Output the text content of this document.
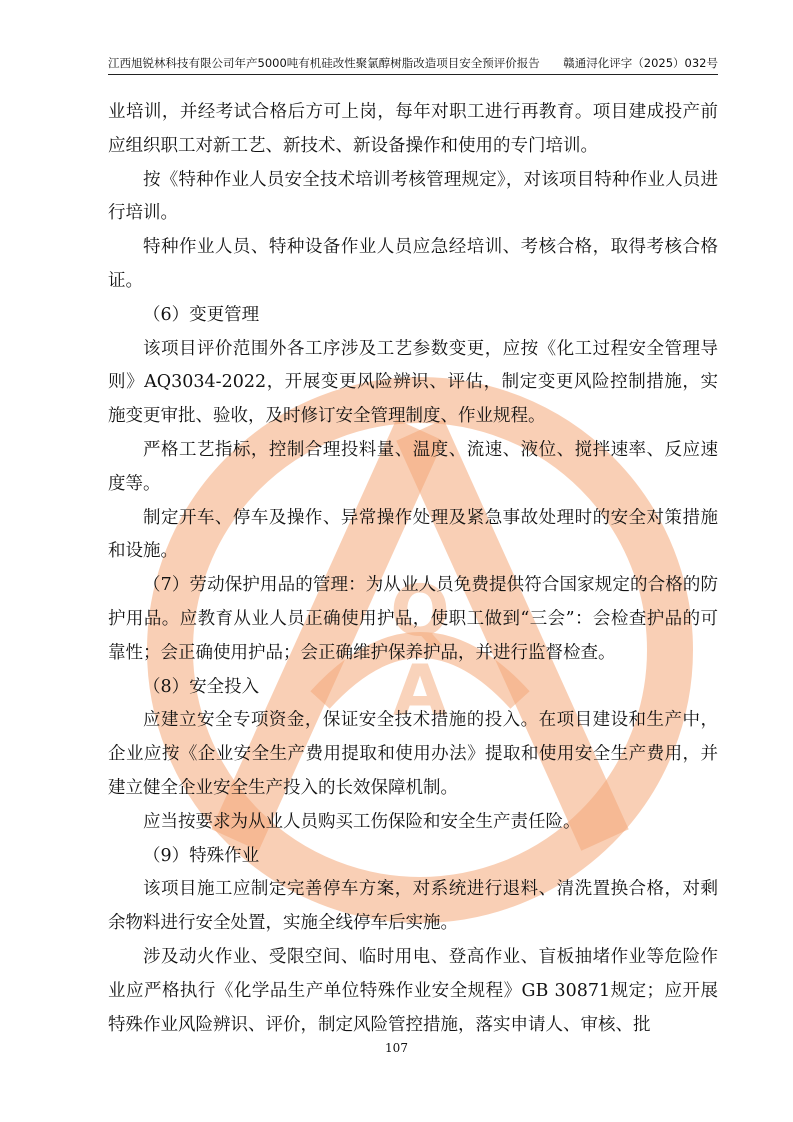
江西旭锐林科技有限公司年产5000吨有机硅改性聚氯醇树脂改造项目安全预评价报告 赣通浔化评字（2025）032号
Q
A

业培训，并经考试合格后方可上岗，每年对职工进行再教育。项目建成投产前应组织职工对新工艺、新技术、新设备操作和使用的专门培训。

按《特种作业人员安全技术培训考核管理规定》，对该项目特种作业人员进行培训。

特种作业人员、特种设备作业人员应急经培训、考核合格，取得考核合格证。

（6）变更管理

该项目评价范围外各工序涉及工艺参数变更，应按《化工过程安全管理导则》AQ3034-2022，开展变更风险辨识、评估，制定变更风险控制措施，实施变更审批、验收，及时修订安全管理制度、作业规程。

严格工艺指标，控制合理投料量、温度、流速、液位、搅拌速率、反应速度等。

制定开车、停车及操作、异常操作处理及紧急事故处理时的安全对策措施和设施。

（7）劳动保护用品的管理：为从业人员免费提供符合国家规定的合格的防护用品。应教育从业人员正确使用护品，使职工做到“三会”：会检查护品的可靠性；会正确使用护品；会正确维护保养护品，并进行监督检查。

（8）安全投入

应建立安全专项资金，保证安全技术措施的投入。在项目建设和生产中，企业应按《企业安全生产费用提取和使用办法》提取和使用安全生产费用，并建立健全企业安全生产投入的长效保障机制。

应当按要求为从业人员购买工伤保险和安全生产责任险。

（9）特殊作业

该项目施工应制定完善停车方案，对系统进行退料、清洗置换合格，对剩余物料进行安全处置，实施全线停车后实施。

涉及动火作业、受限空间、临时用电、登高作业、盲板抽堵作业等危险作业应严格执行《化学品生产单位特殊作业安全规程》GB 30871规定；应开展特殊作业风险辨识、评价，制定风险管控措施，落实申请人、审核、批

107
